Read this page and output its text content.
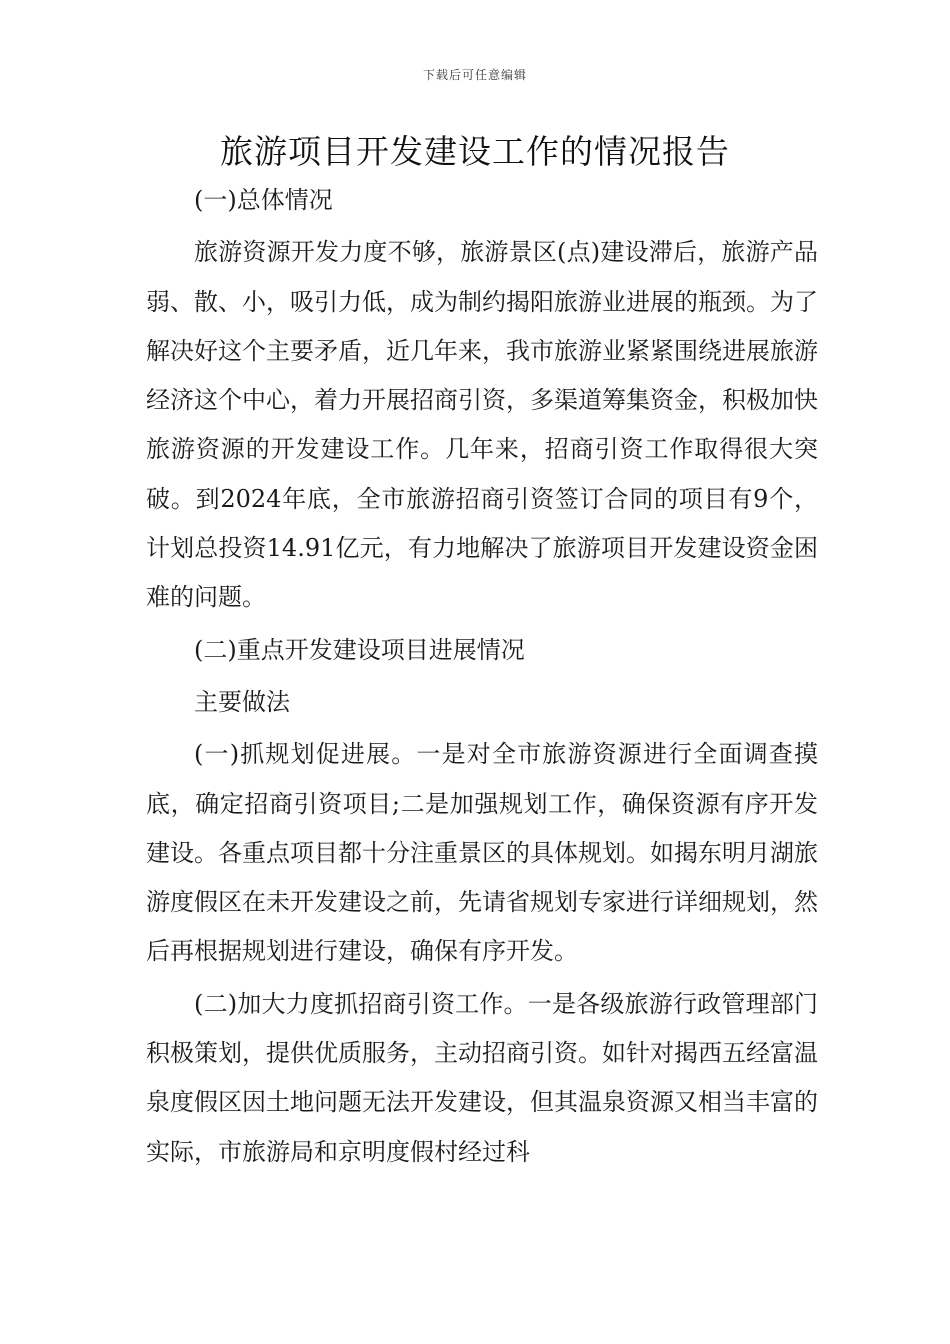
下载后可任意编辑
旅游项目开发建设工作的情况报告

(一)总体情况

旅游资源开发力度不够，旅游景区(点)建设滞后，旅游产品弱、散、小，吸引力低，成为制约揭阳旅游业进展的瓶颈。为了解决好这个主要矛盾，近几年来，我市旅游业紧紧围绕进展旅游经济这个中心，着力开展招商引资，多渠道筹集资金，积极加快旅游资源的开发建设工作。几年来，招商引资工作取得很大突破。到2024年底，全市旅游招商引资签订合同的项目有9个，计划总投资14.91亿元，有力地解决了旅游项目开发建设资金困难的问题。

(二)重点开发建设项目进展情况

主要做法

(一)抓规划促进展。一是对全市旅游资源进行全面调查摸底，确定招商引资项目;二是加强规划工作，确保资源有序开发建设。各重点项目都十分注重景区的具体规划。如揭东明月湖旅游度假区在未开发建设之前，先请省规划专家进行详细规划，然后再根据规划进行建设，确保有序开发。

(二)加大力度抓招商引资工作。一是各级旅游行政管理部门积极策划，提供优质服务，主动招商引资。如针对揭西五经富温泉度假区因土地问题无法开发建设，但其温泉资源又相当丰富的实际，市旅游局和京明度假村经过科
